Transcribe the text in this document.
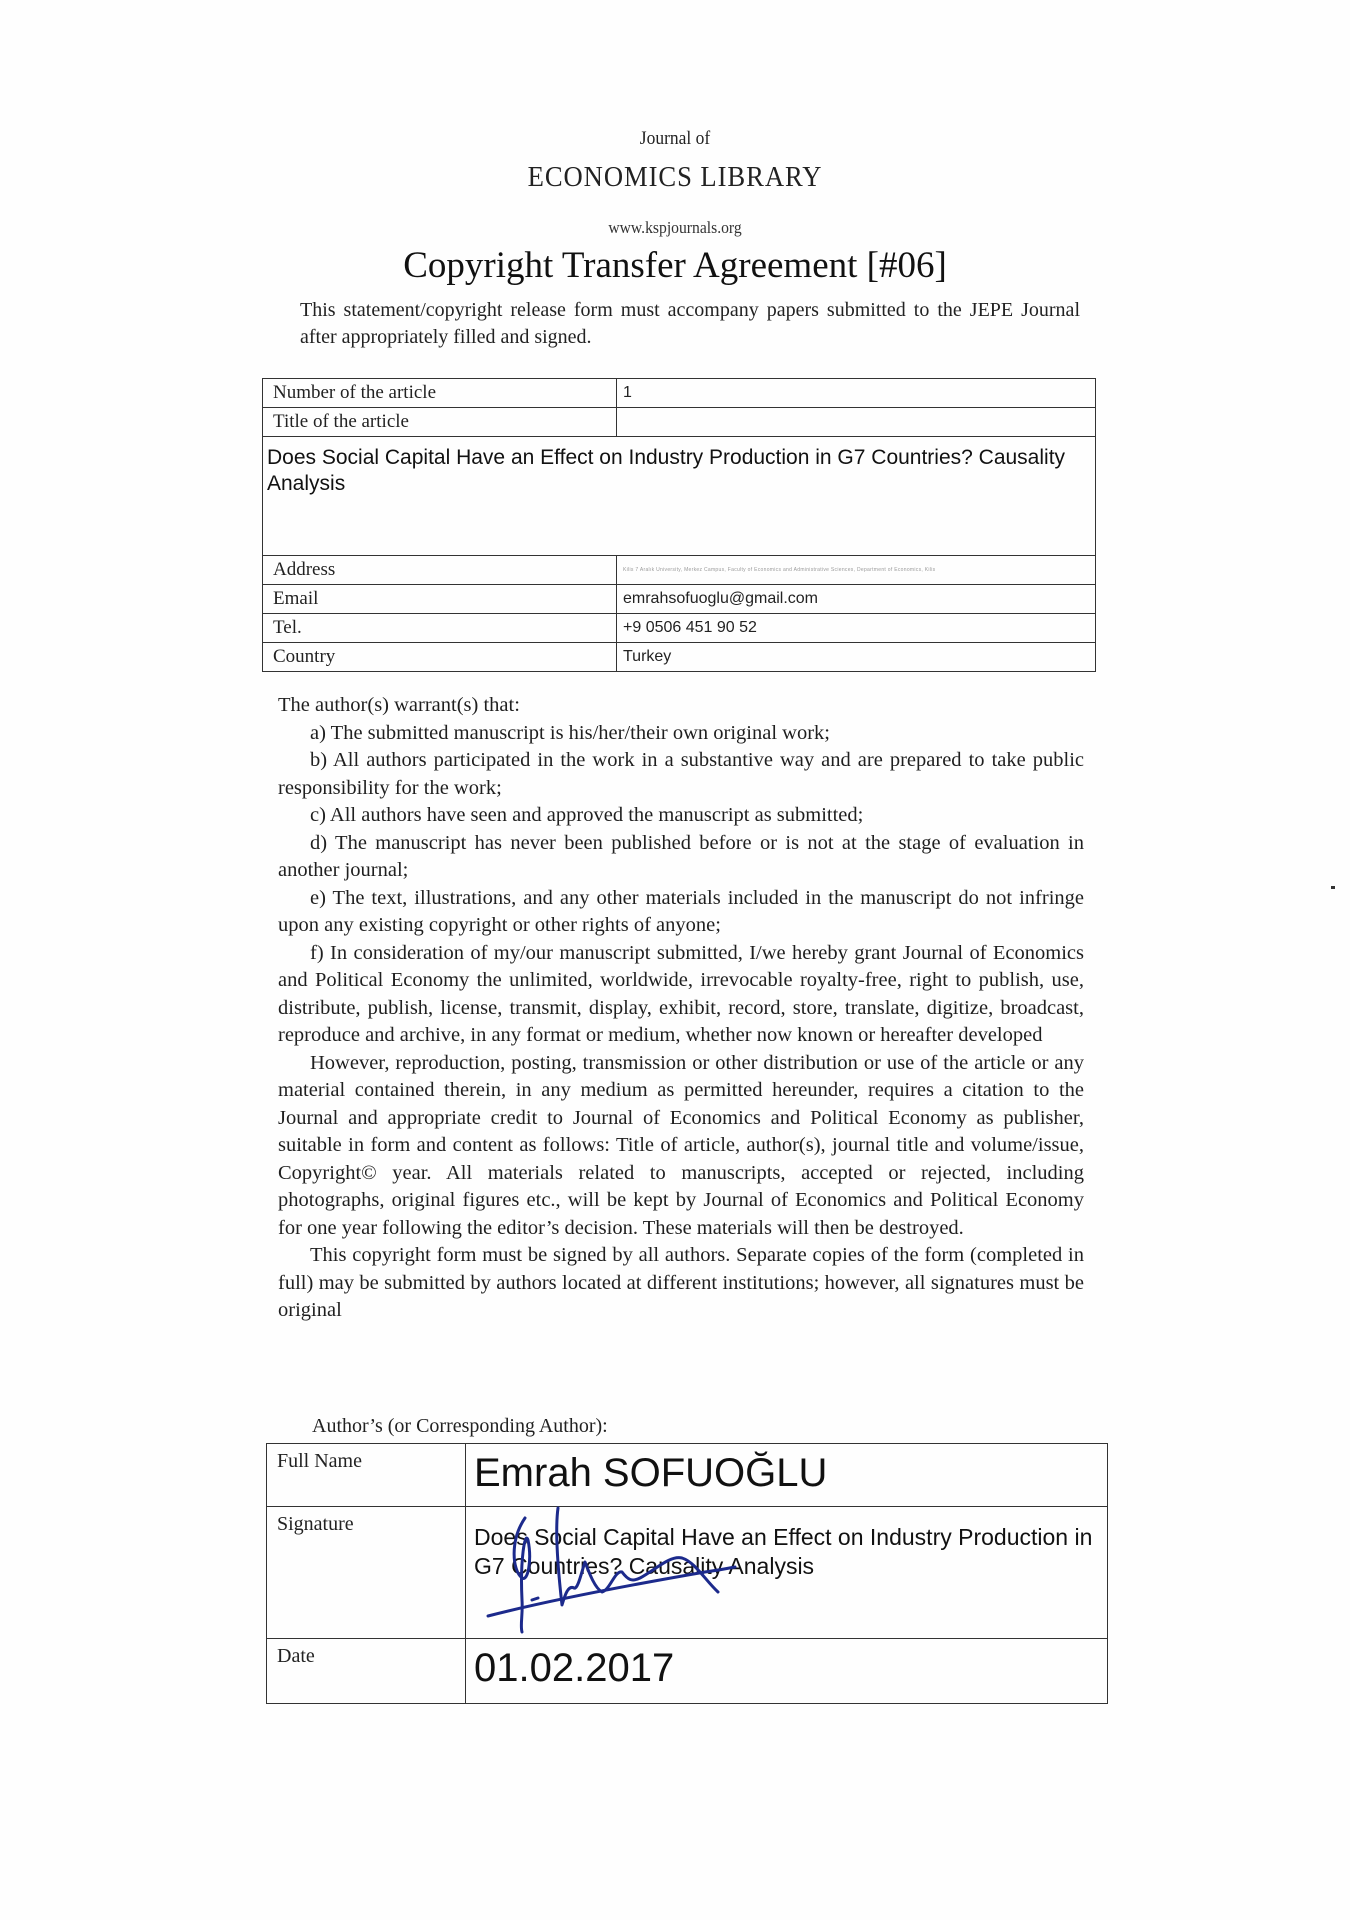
Journal of
ECONOMICS LIBRARY
www.kspjournals.org
Copyright Transfer Agreement [#06]
This statement/copyright release form must accompany papers submitted to the JEPE Journal after appropriately filled and signed.
Number of the article	1
Title of the article	
Does Social Capital Have an Effect on Industry Production in G7 Countries? Causality Analysis	
Address	Kilis 7 Aralık University, Merkez Campus, Faculty of Economics and Administrative Sciences, Department of Economics, Kilis
Email	emrahsofuoglu@gmail.com
Tel.	+9 0506 451 90 52
Country	Turkey

The author(s) warrant(s) that:

a) The submitted manuscript is his/her/their own original work;

b) All authors participated in the work in a substantive way and are prepared to take public responsibility for the work;

c) All authors have seen and approved the manuscript as submitted;

d) The manuscript has never been published before or is not at the stage of evaluation in another journal;

e) The text, illustrations, and any other materials included in the manuscript do not infringe upon any existing copyright or other rights of anyone;

f) In consideration of my/our manuscript submitted, I/we hereby grant Journal of Economics and Political Economy the unlimited, worldwide, irrevocable royalty-free, right to publish, use, distribute, publish, license, transmit, display, exhibit, record, store, translate, digitize, broadcast, reproduce and archive, in any format or medium, whether now known or hereafter developed

However, reproduction, posting, transmission or other distribution or use of the article or any material contained therein, in any medium as permitted hereunder, requires a citation to the Journal and appropriate credit to Journal of Economics and Political Economy as publisher, suitable in form and content as follows: Title of article, author(s), journal title and volume/issue, Copyright© year. All materials related to manuscripts, accepted or rejected, including photographs, original figures etc., will be kept by Journal of Economics and Political Economy for one year following the editor’s decision. These materials will then be destroyed.

This copyright form must be signed by all authors. Separate copies of the form (completed in full) may be submitted by authors located at different institutions; however, all signatures must be original

Author’s (or Corresponding Author):
Full Name	Emrah SOFUOĞLU
Signature	Does Social Capital Have an Effect on Industry Production in G7 Countries? Causality Analysis
Date	01.02.2017
